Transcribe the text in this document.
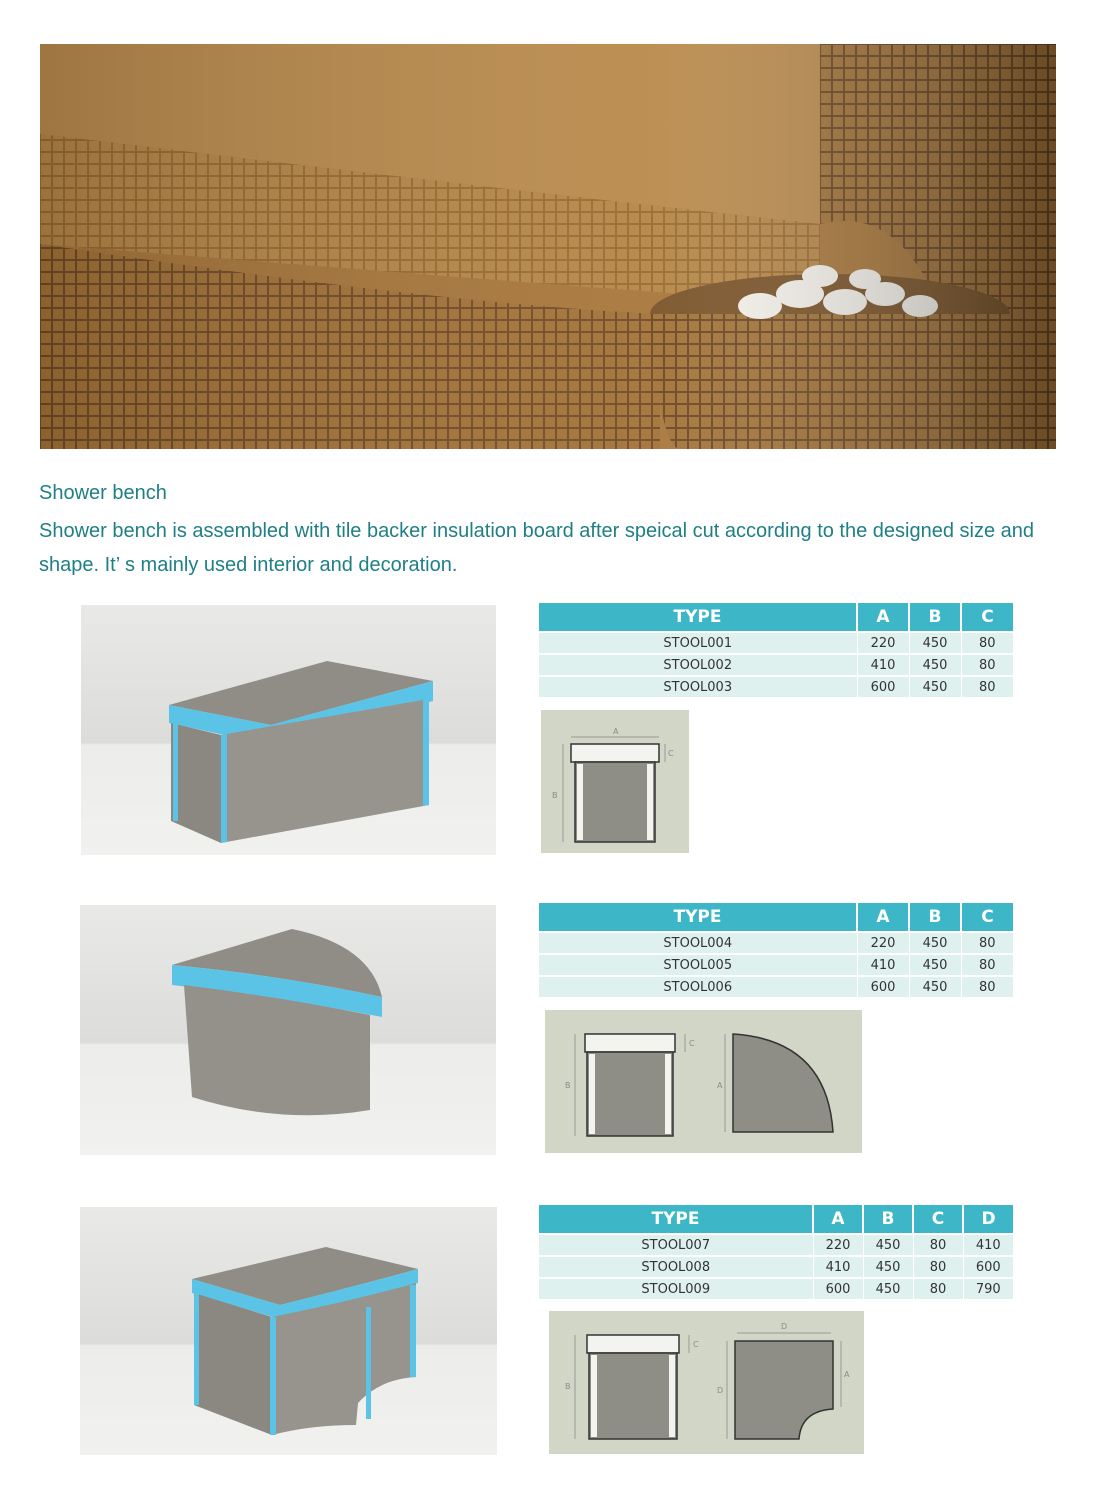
Shower bench
Shower bench is assembled with tile backer insulation board after speical cut according to the designed size and shape. It’ s mainly used interior and decoration.
TYPE	A	B	C
STOOL001	220	450	80
STOOL002	410	450	80
STOOL003	600	450	80
A
C
B
TYPE	A	B	C
STOOL004	220	450	80
STOOL005	410	450	80
STOOL006	600	450	80
C
B	A
TYPE	A	B	C	D
STOOL007	220	450	80	410
STOOL008	410	450	80	600
STOOL009	600	450	80	790
C
B
D
D
A
